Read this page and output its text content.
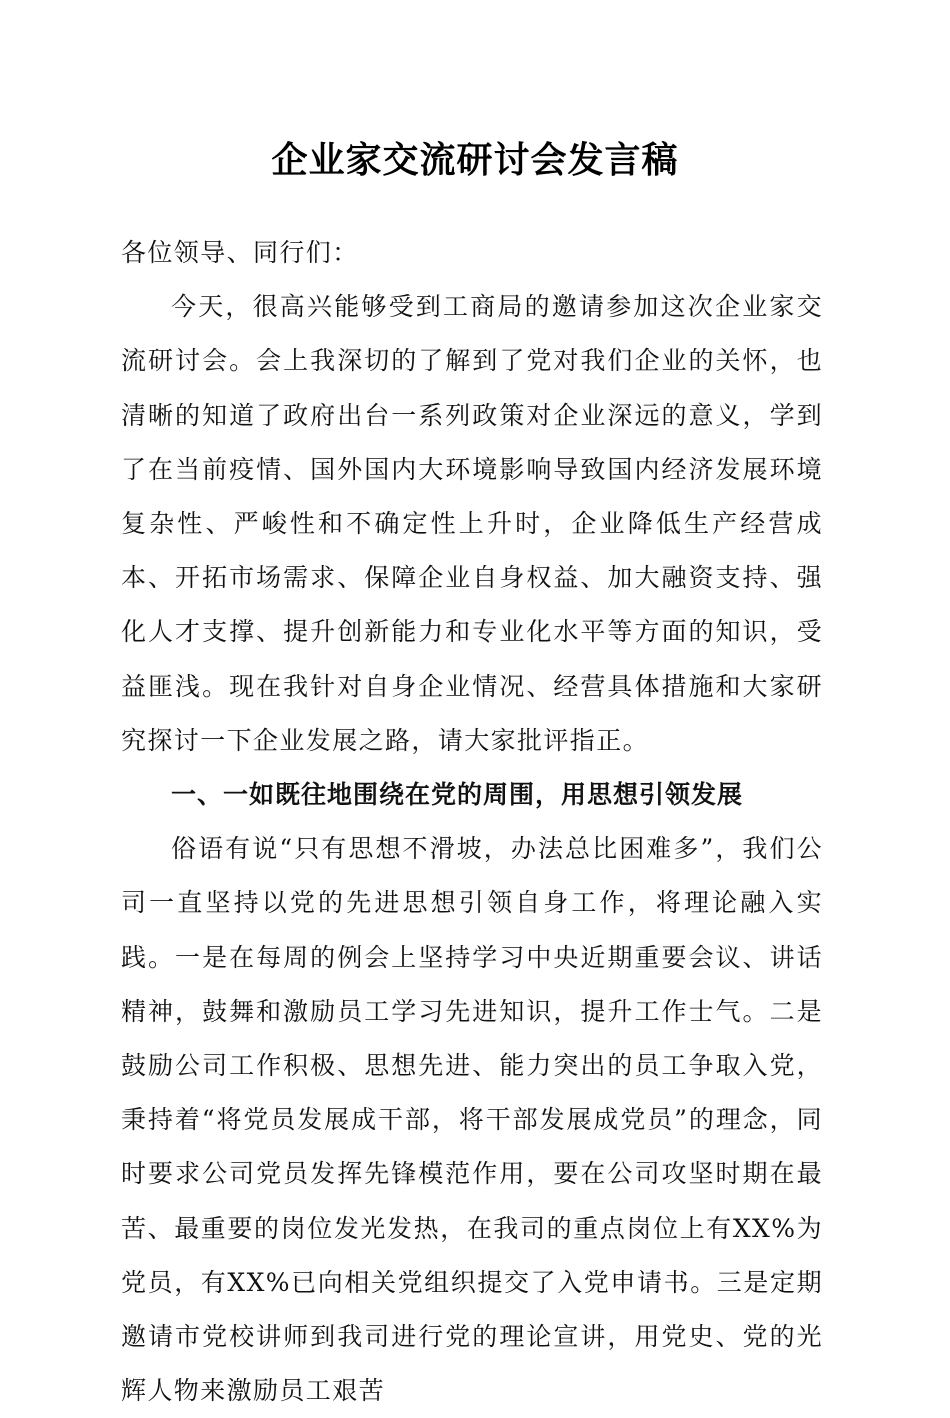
企业家交流研讨会发言稿

各位领导、同行们：

今天，很高兴能够受到工商局的邀请参加这次企业家交流研讨会。会上我深切的了解到了党对我们企业的关怀，也清晰的知道了政府出台一系列政策对企业深远的意义，学到了在当前疫情、国外国内大环境影响导致国内经济发展环境复杂性、严峻性和不确定性上升时，企业降低生产经营成本、开拓市场需求、保障企业自身权益、加大融资支持、强化人才支撑、提升创新能力和专业化水平等方面的知识，受益匪浅。现在我针对自身企业情况、经营具体措施和大家研究探讨一下企业发展之路，请大家批评指正。

一、一如既往地围绕在党的周围，用思想引领发展

俗语有说“只有思想不滑坡，办法总比困难多”，我们公司一直坚持以党的先进思想引领自身工作，将理论融入实践。一是在每周的例会上坚持学习中央近期重要会议、讲话精神，鼓舞和激励员工学习先进知识，提升工作士气。二是鼓励公司工作积极、思想先进、能力突出的员工争取入党，秉持着“将党员发展成干部，将干部发展成党员”的理念，同时要求公司党员发挥先锋模范作用，要在公司攻坚时期在最苦、最重要的岗位发光发热，在我司的重点岗位上有XX%为党员，有XX%已向相关党组织提交了入党申请书。三是定期邀请市党校讲师到我司进行党的理论宣讲，用党史、党的光辉人物来激励员工艰苦
